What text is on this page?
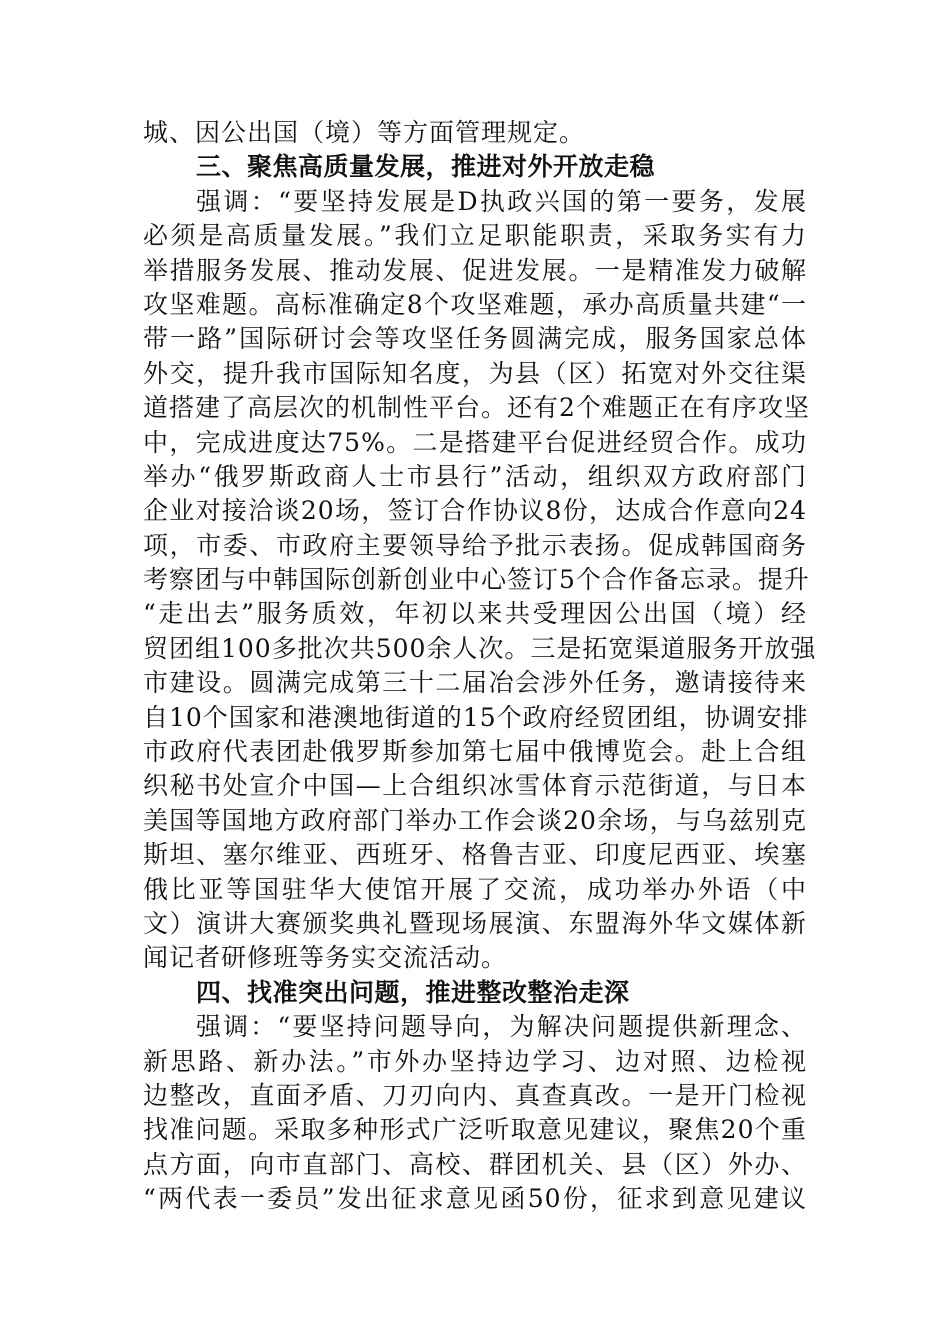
城、因公出国（境）等方面管理规定。
三、聚焦高质量发展，推进对外开放走稳
强调：“要坚持发展是D执政兴国的第一要务，发展
必须是高质量发展。”我们立足职能职责，采取务实有力
举措服务发展、推动发展、促进发展。一是精准发力破解
攻坚难题。高标准确定8个攻坚难题，承办高质量共建“一
带一路”国际研讨会等攻坚任务圆满完成，服务国家总体
外交，提升我市国际知名度，为县（区）拓宽对外交往渠
道搭建了高层次的机制性平台。还有2个难题正在有序攻坚
中，完成进度达75%。二是搭建平台促进经贸合作。成功
举办“俄罗斯政商人士市县行”活动，组织双方政府部门
企业对接洽谈20场，签订合作协议8份，达成合作意向24
项，市委、市政府主要领导给予批示表扬。促成韩国商务
考察团与中韩国际创新创业中心签订5个合作备忘录。提升
“走出去”服务质效，年初以来共受理因公出国（境）经
贸团组100多批次共500余人次。三是拓宽渠道服务开放强
市建设。圆满完成第三十二届冶会涉外任务，邀请接待来
自10个国家和港澳地街道的15个政府经贸团组，协调安排
市政府代表团赴俄罗斯参加第七届中俄博览会。赴上合组
织秘书处宣介中国—上合组织冰雪体育示范街道，与日本
美国等国地方政府部门举办工作会谈20余场，与乌兹别克
斯坦、塞尔维亚、西班牙、格鲁吉亚、印度尼西亚、埃塞
俄比亚等国驻华大使馆开展了交流，成功举办外语（中
文）演讲大赛颁奖典礼暨现场展演、东盟海外华文媒体新
闻记者研修班等务实交流活动。
四、找准突出问题，推进整改整治走深
强调：“要坚持问题导向，为解决问题提供新理念、
新思路、新办法。”市外办坚持边学习、边对照、边检视
边整改，直面矛盾、刀刃向内、真查真改。一是开门检视
找准问题。采取多种形式广泛听取意见建议，聚焦20个重
点方面，向市直部门、高校、群团机关、县（区）外办、
“两代表一委员”发出征求意见函50份，征求到意见建议
